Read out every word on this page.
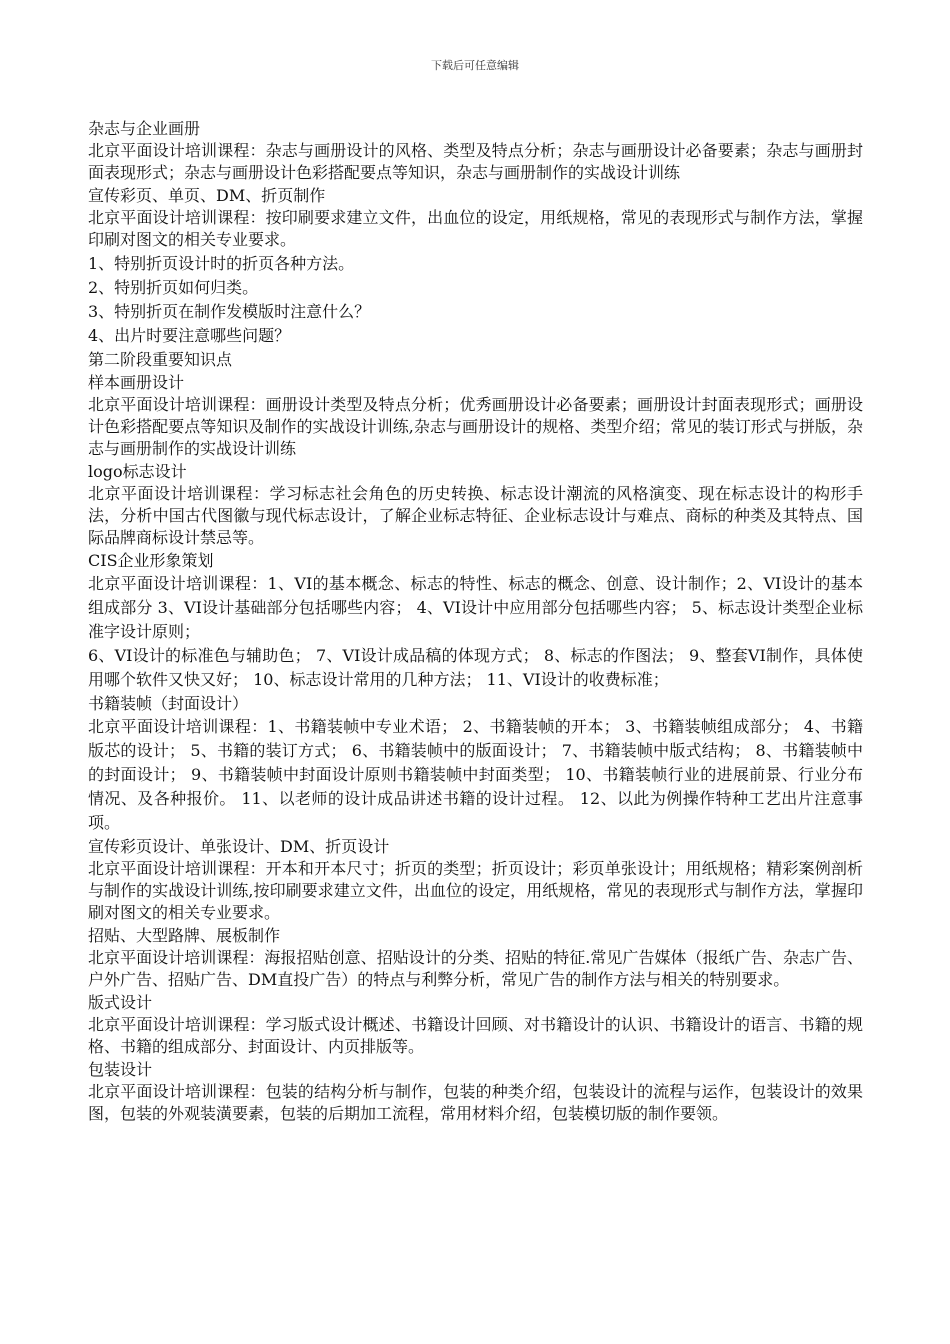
下载后可任意编辑

杂志与企业画册

北京平面设计培训课程：杂志与画册设计的风格、类型及特点分析；杂志与画册设计必备要素；杂志与画册封面表现形式；杂志与画册设计色彩搭配要点等知识，杂志与画册制作的实战设计训练

宣传彩页、单页、DM、折页制作

北京平面设计培训课程：按印刷要求建立文件，出血位的设定，用纸规格，常见的表现形式与制作方法，掌握印刷对图文的相关专业要求。

1、特别折页设计时的折页各种方法。

2、特别折页如何归类。

3、特别折页在制作发模版时注意什么？

4、出片时要注意哪些问题？

第二阶段重要知识点

样本画册设计

北京平面设计培训课程：画册设计类型及特点分析；优秀画册设计必备要素；画册设计封面表现形式；画册设计色彩搭配要点等知识及制作的实战设计训练,杂志与画册设计的规格、类型介绍；常见的装订形式与拼版，杂志与画册制作的实战设计训练

logo标志设计

北京平面设计培训课程：学习标志社会角色的历史转换、标志设计潮流的风格演变、现在标志设计的构形手法，分析中国古代图徽与现代标志设计，了解企业标志特征、企业标志设计与难点、商标的种类及其特点、国际品牌商标设计禁忌等。

CIS企业形象策划

北京平面设计培训课程：1、VI的基本概念、标志的特性、标志的概念、创意、设计制作；2、VI设计的基本组成部分 3、VI设计基础部分包括哪些内容； 4、VI设计中应用部分包括哪些内容； 5、标志设计类型企业标准字设计原则；

6、VI设计的标准色与辅助色； 7、VI设计成品稿的体现方式； 8、标志的作图法； 9、整套VI制作，具体使用哪个软件又快又好； 10、标志设计常用的几种方法； 11、VI设计的收费标准；

书籍装帧（封面设计）

北京平面设计培训课程：1、书籍装帧中专业术语； 2、书籍装帧的开本； 3、书籍装帧组成部分； 4、书籍版芯的设计； 5、书籍的装订方式； 6、书籍装帧中的版面设计； 7、书籍装帧中版式结构； 8、书籍装帧中的封面设计； 9、书籍装帧中封面设计原则书籍装帧中封面类型； 10、书籍装帧行业的进展前景、行业分布情况、及各种报价。 11、以老师的设计成品讲述书籍的设计过程。 12、以此为例操作特种工艺出片注意事项。

宣传彩页设计、单张设计、DM、折页设计

北京平面设计培训课程：开本和开本尺寸；折页的类型；折页设计；彩页单张设计；用纸规格；精彩案例剖析与制作的实战设计训练,按印刷要求建立文件，出血位的设定，用纸规格，常见的表现形式与制作方法，掌握印刷对图文的相关专业要求。

招贴、大型路牌、展板制作

北京平面设计培训课程：海报招贴创意、招贴设计的分类、招贴的特征.常见广告媒体（报纸广告、杂志广告、户外广告、招贴广告、DM直投广告）的特点与利弊分析，常见广告的制作方法与相关的特别要求。

版式设计

北京平面设计培训课程：学习版式设计概述、书籍设计回顾、对书籍设计的认识、书籍设计的语言、书籍的规格、书籍的组成部分、封面设计、内页排版等。

包装设计

北京平面设计培训课程：包装的结构分析与制作，包装的种类介绍，包装设计的流程与运作，包装设计的效果图，包装的外观装潢要素，包装的后期加工流程，常用材料介绍，包装模切版的制作要领。
